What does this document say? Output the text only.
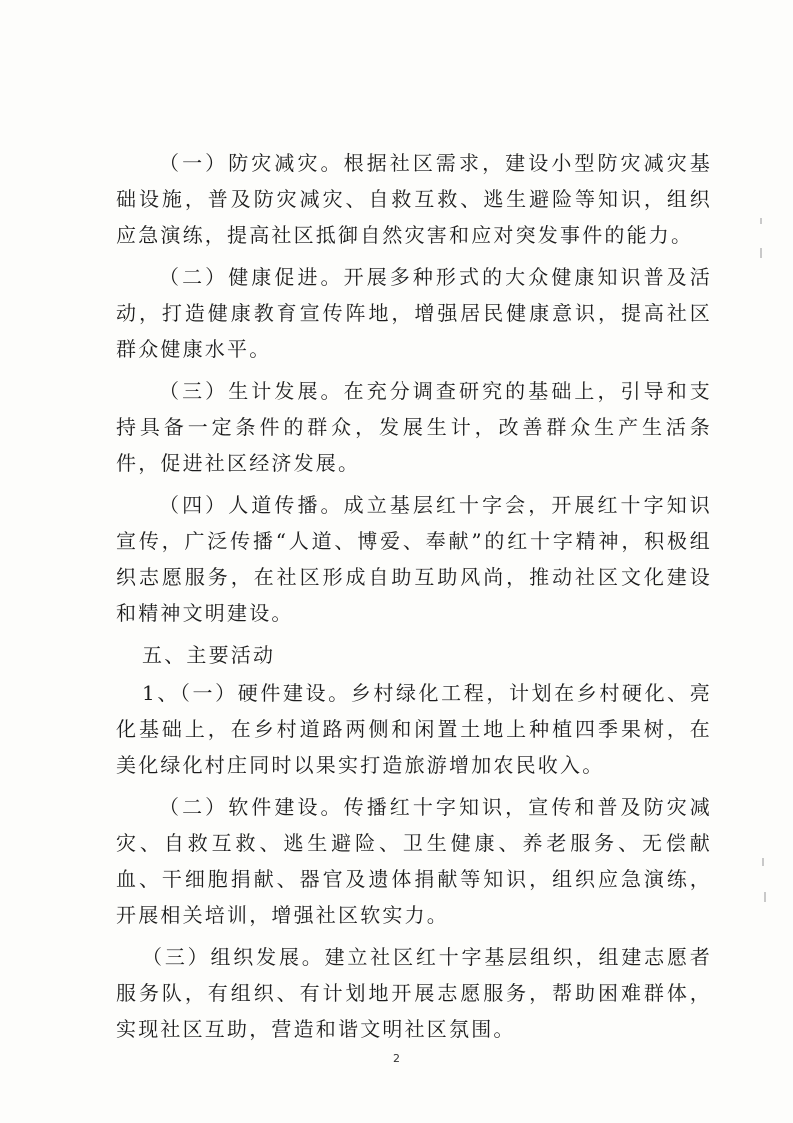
（一）防灾减灾。根据社区需求，建设小型防灾减灾基础设施，普及防灾减灾、自救互救、逃生避险等知识，组织应急演练，提高社区抵御自然灾害和应对突发事件的能力。

（二）健康促进。开展多种形式的大众健康知识普及活动，打造健康教育宣传阵地，增强居民健康意识，提高社区群众健康水平。

（三）生计发展。在充分调查研究的基础上，引导和支持具备一定条件的群众，发展生计，改善群众生产生活条件，促进社区经济发展。

（四）人道传播。成立基层红十字会，开展红十字知识宣传，广泛传播“人道、博爱、奉献”的红十字精神，积极组织志愿服务，在社区形成自助互助风尚，推动社区文化建设和精神文明建设。

五、主要活动

1、（一）硬件建设。乡村绿化工程，计划在乡村硬化、亮化基础上，在乡村道路两侧和闲置土地上种植四季果树，在美化绿化村庄同时以果实打造旅游增加农民收入。

（二）软件建设。传播红十字知识，宣传和普及防灾减灾、自救互救、逃生避险、卫生健康、养老服务、无偿献血、干细胞捐献、器官及遗体捐献等知识，组织应急演练，开展相关培训，增强社区软实力。

（三）组织发展。建立社区红十字基层组织，组建志愿者服务队，有组织、有计划地开展志愿服务，帮助困难群体，实现社区互助，营造和谐文明社区氛围。

2
